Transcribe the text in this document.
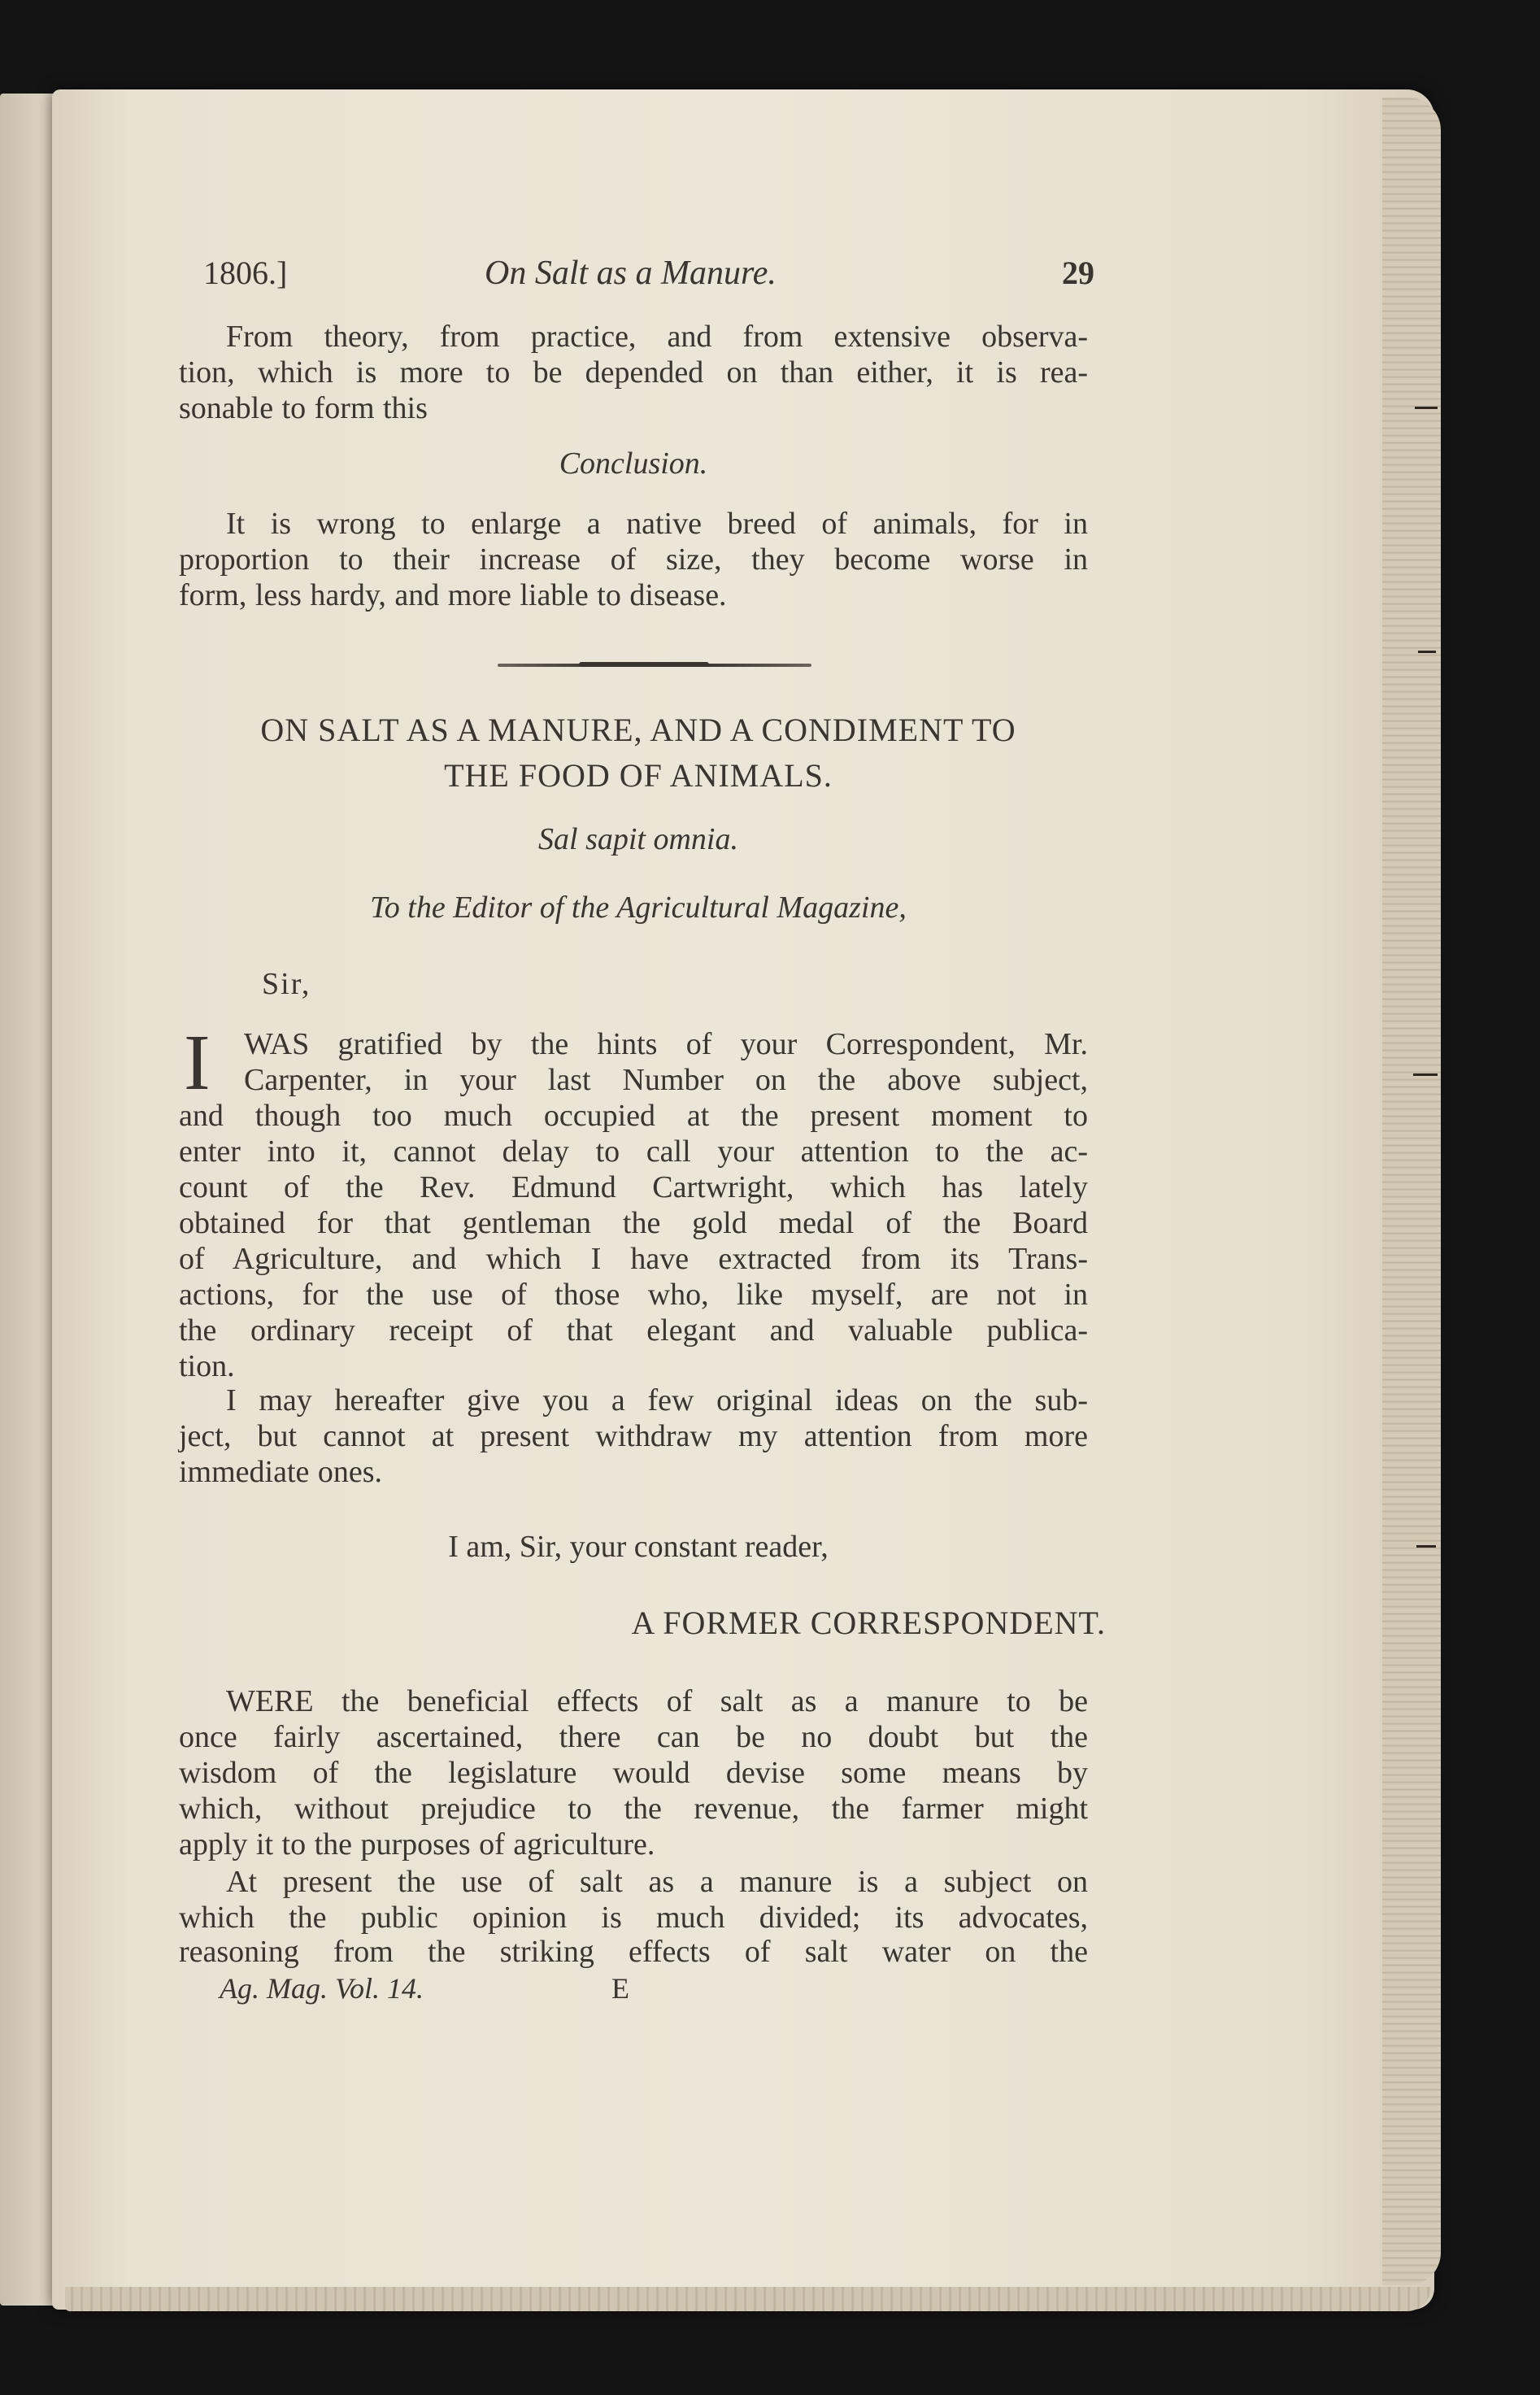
1806.]	On Salt as a Manure.	29
From theory, from practice, and from extensive observa-
tion, which is more to be depended on than either, it is rea-
sonable to form this
Conclusion.
It is wrong to enlarge a native breed of animals, for in
proportion to their increase of size, they become worse in
form, less hardy, and more liable to disease.
ON SALT AS A MANURE, AND A CONDIMENT TO
THE FOOD OF ANIMALS.
Sal sapit omnia.
To the Editor of the Agricultural Magazine,
Sir,
I WAS gratified by the hints of your Correspondent, Mr.
Carpenter, in your last Number on the above subject,
and though too much occupied at the present moment to
enter into it, cannot delay to call your attention to the ac-
count of the Rev. Edmund Cartwright, which has lately
obtained for that gentleman the gold medal of the Board
of Agriculture, and which I have extracted from its Trans-
actions, for the use of those who, like myself, are not in
the ordinary receipt of that elegant and valuable publica-
tion.
I may hereafter give you a few original ideas on the sub-
ject, but cannot at present withdraw my attention from more
immediate ones.
I am, Sir, your constant reader,
A FORMER CORRESPONDENT.
WERE the beneficial effects of salt as a manure to be
once fairly ascertained, there can be no doubt but the
wisdom of the legislature would devise some means by
which, without prejudice to the revenue, the farmer might
apply it to the purposes of agriculture.
At present the use of salt as a manure is a subject on
which the public opinion is much divided; its advocates,
reasoning from the striking effects of salt water on the
Ag. Mag. Vol. 14.	E
